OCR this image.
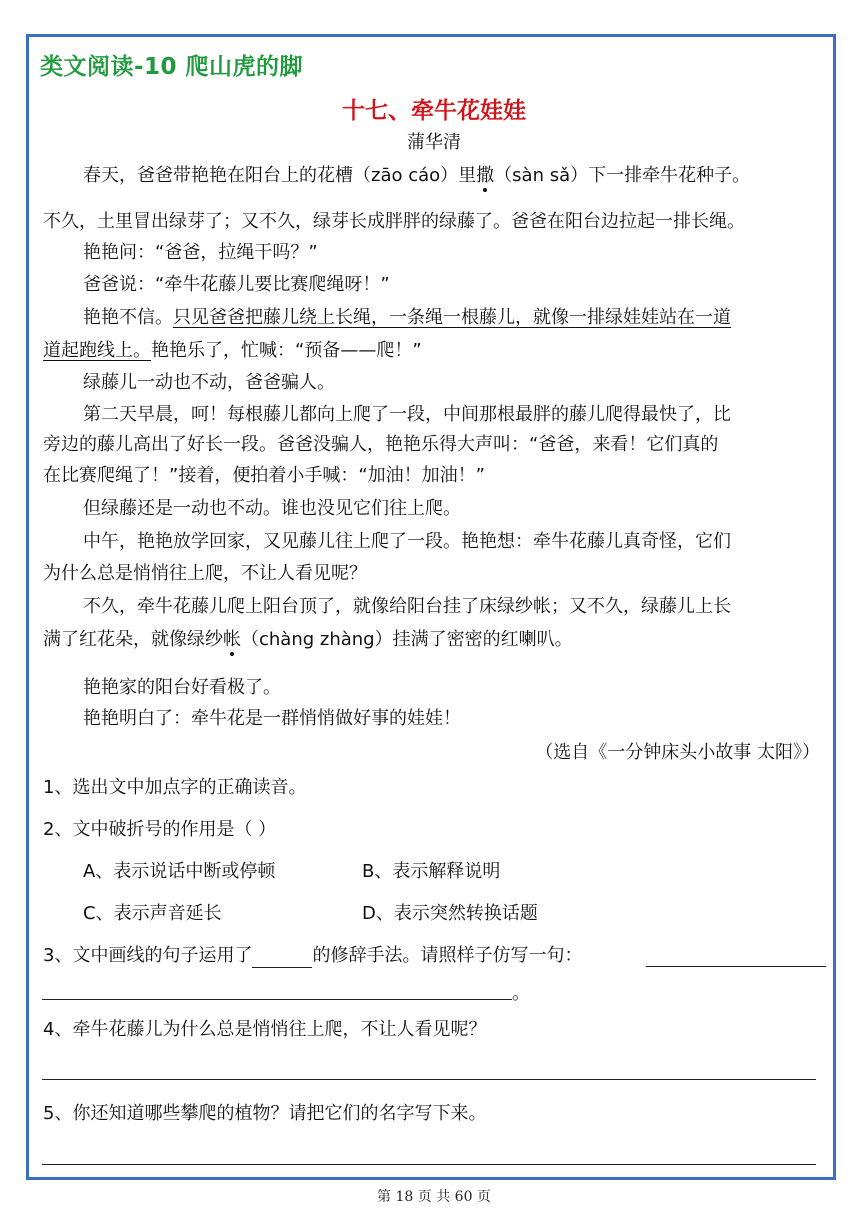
类文阅读-10 爬山虎的脚
十七、牵牛花娃娃
蒲华清
春天，爸爸带艳艳在阳台上的花槽（zāo cáo）里撒（sàn sǎ）下一排牵牛花种子。
不久，土里冒出绿芽了；又不久，绿芽长成胖胖的绿藤了。爸爸在阳台边拉起一排长绳。
艳艳问：“爸爸，拉绳干吗？”
爸爸说：“牵牛花藤儿要比赛爬绳呀！”
艳艳不信。只见爸爸把藤儿绕上长绳，一条绳一根藤儿，就像一排绿娃娃站在一道
道起跑线上。艳艳乐了，忙喊：“预备——爬！”
绿藤儿一动也不动，爸爸骗人。
第二天早晨，呵！每根藤儿都向上爬了一段，中间那根最胖的藤儿爬得最快了，比
旁边的藤儿高出了好长一段。爸爸没骗人，艳艳乐得大声叫：“爸爸，来看！它们真的
在比赛爬绳了！”接着，便拍着小手喊：“加油！加油！”
但绿藤还是一动也不动。谁也没见它们往上爬。
中午，艳艳放学回家，又见藤儿往上爬了一段。艳艳想：牵牛花藤儿真奇怪，它们
为什么总是悄悄往上爬，不让人看见呢？
不久，牵牛花藤儿爬上阳台顶了，就像给阳台挂了床绿纱帐；又不久，绿藤儿上长
满了红花朵，就像绿纱帐（chàng zhàng）挂满了密密的红喇叭。
艳艳家的阳台好看极了。
艳艳明白了：牵牛花是一群悄悄做好事的娃娃！
（选自《一分钟床头小故事 太阳》）
1、选出文中加点字的正确读音。
2、文中破折号的作用是（ ）
A、表示说话中断或停顿	B、表示解释说明
C、表示声音延长	D、表示突然转换话题
3、文中画线的句子运用了	的修辞手法。请照样子仿写一句：
。
4、牵牛花藤儿为什么总是悄悄往上爬，不让人看见呢？
5、你还知道哪些攀爬的植物？请把它们的名字写下来。
第 18 页 共 60 页
